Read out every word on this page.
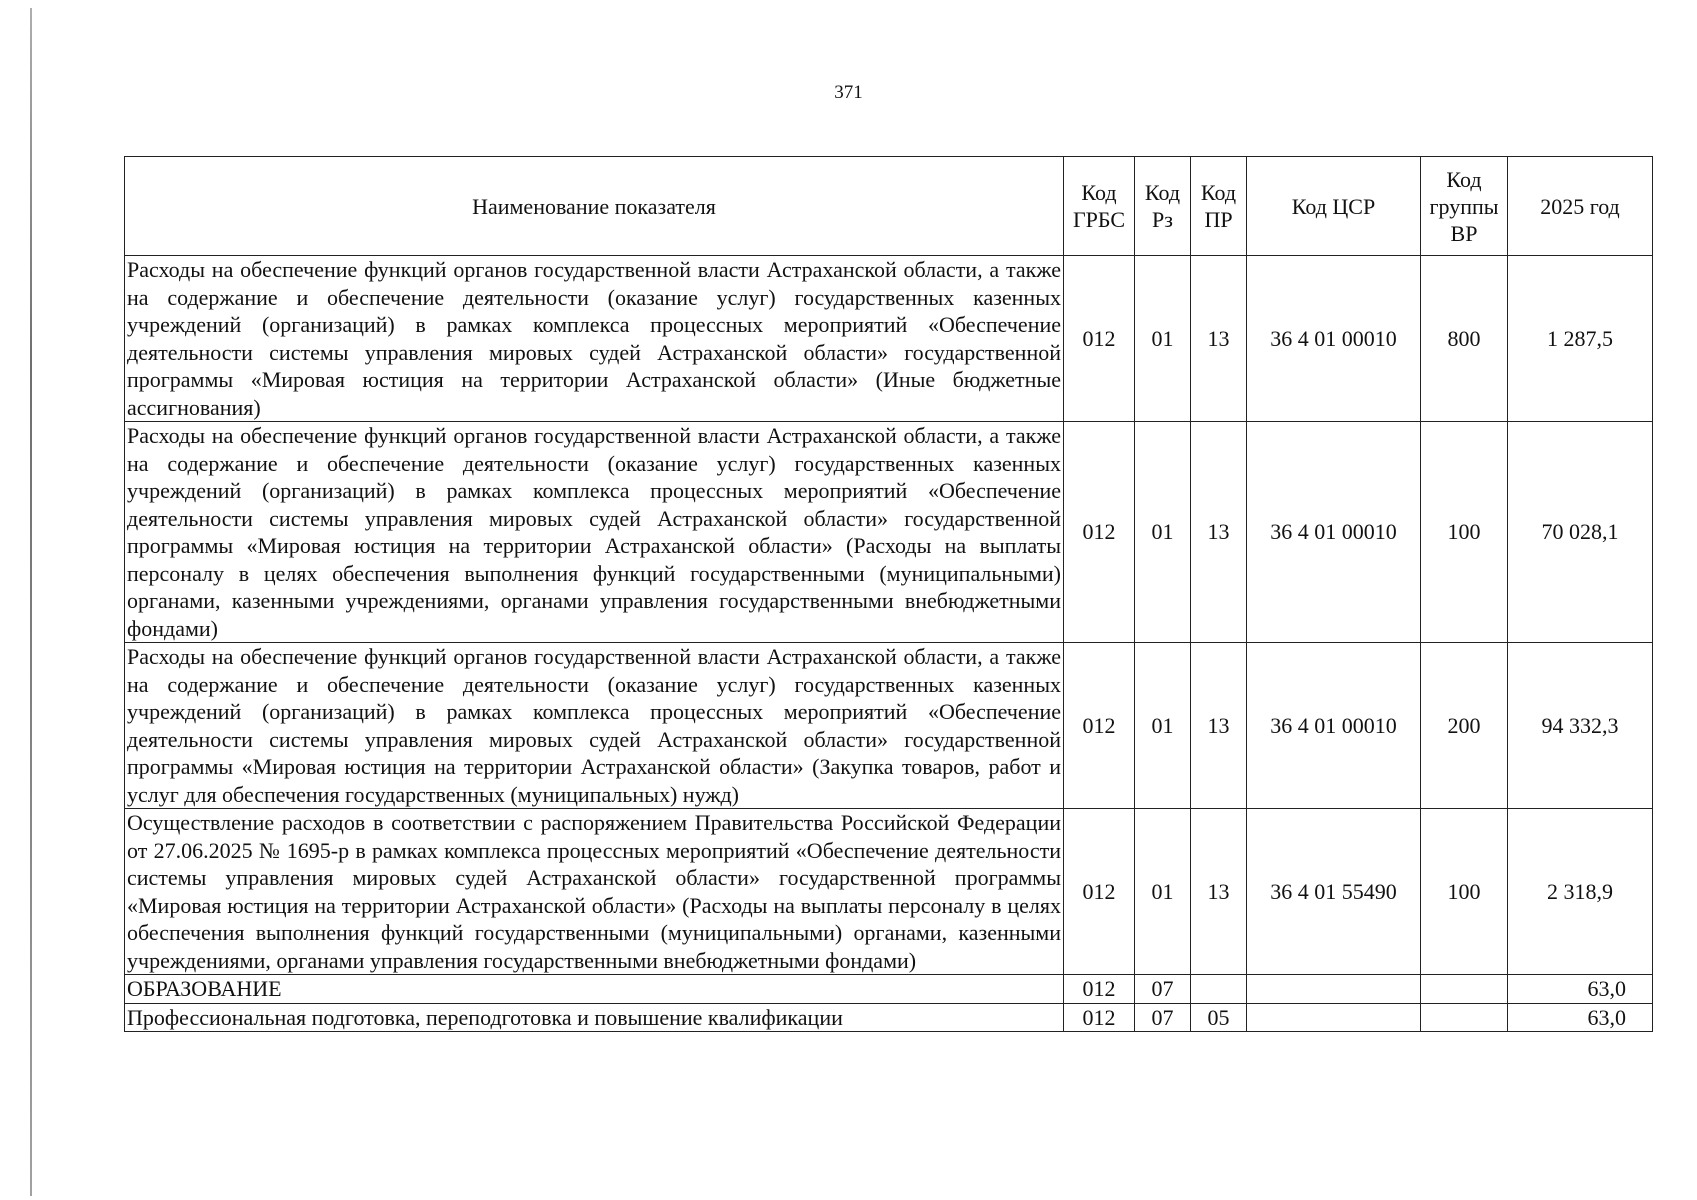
371
Наименование показателя	Код ГРБС	Код Рз	Код ПР	Код ЦСР	Код группы ВР	2025 год
Расходы на обеспечение функций органов государственной власти Астраханской области, а также на содержание и обеспечение деятельности (оказание услуг) государственных казенных учреждений (организаций) в рамках комплекса процессных мероприятий «Обеспечение деятельности системы управления мировых судей Астраханской области» государственной программы «Мировая юстиция на территории Астраханской области» (Иные бюджетные ассигнования)	012	01	13	36 4 01 00010	800	1 287,5
Расходы на обеспечение функций органов государственной власти Астраханской области, а также на содержание и обеспечение деятельности (оказание услуг) государственных казенных учреждений (организаций) в рамках комплекса процессных мероприятий «Обеспечение деятельности системы управления мировых судей Астраханской области» государственной программы «Мировая юстиция на территории Астраханской области» (Расходы на выплаты персоналу в целях обеспечения выполнения функций государственными (муниципальными) органами, казенными учреждениями, органами управления государственными внебюджетными фондами)	012	01	13	36 4 01 00010	100	70 028,1
Расходы на обеспечение функций органов государственной власти Астраханской области, а также на содержание и обеспечение деятельности (оказание услуг) государственных казенных учреждений (организаций) в рамках комплекса процессных мероприятий «Обеспечение деятельности системы управления мировых судей Астраханской области» государственной программы «Мировая юстиция на территории Астраханской области» (Закупка товаров, работ и услуг для обеспечения государственных (муниципальных) нужд)	012	01	13	36 4 01 00010	200	94 332,3
Осуществление расходов в соответствии с распоряжением Правительства Российской Федерации от 27.06.2025 № 1695-р в рамках комплекса процессных мероприятий «Обеспечение деятельности системы управления мировых судей Астраханской области» государственной программы «Мировая юстиция на территории Астраханской области» (Расходы на выплаты персоналу в целях обеспечения выполнения функций государственными (муниципальными) органами, казенными учреждениями, органами управления государственными внебюджетными фондами)	012	01	13	36 4 01 55490	100	2 318,9
ОБРАЗОВАНИЕ	012	07				63,0
Профессиональная подготовка, переподготовка и повышение квалификации	012	07	05			63,0
